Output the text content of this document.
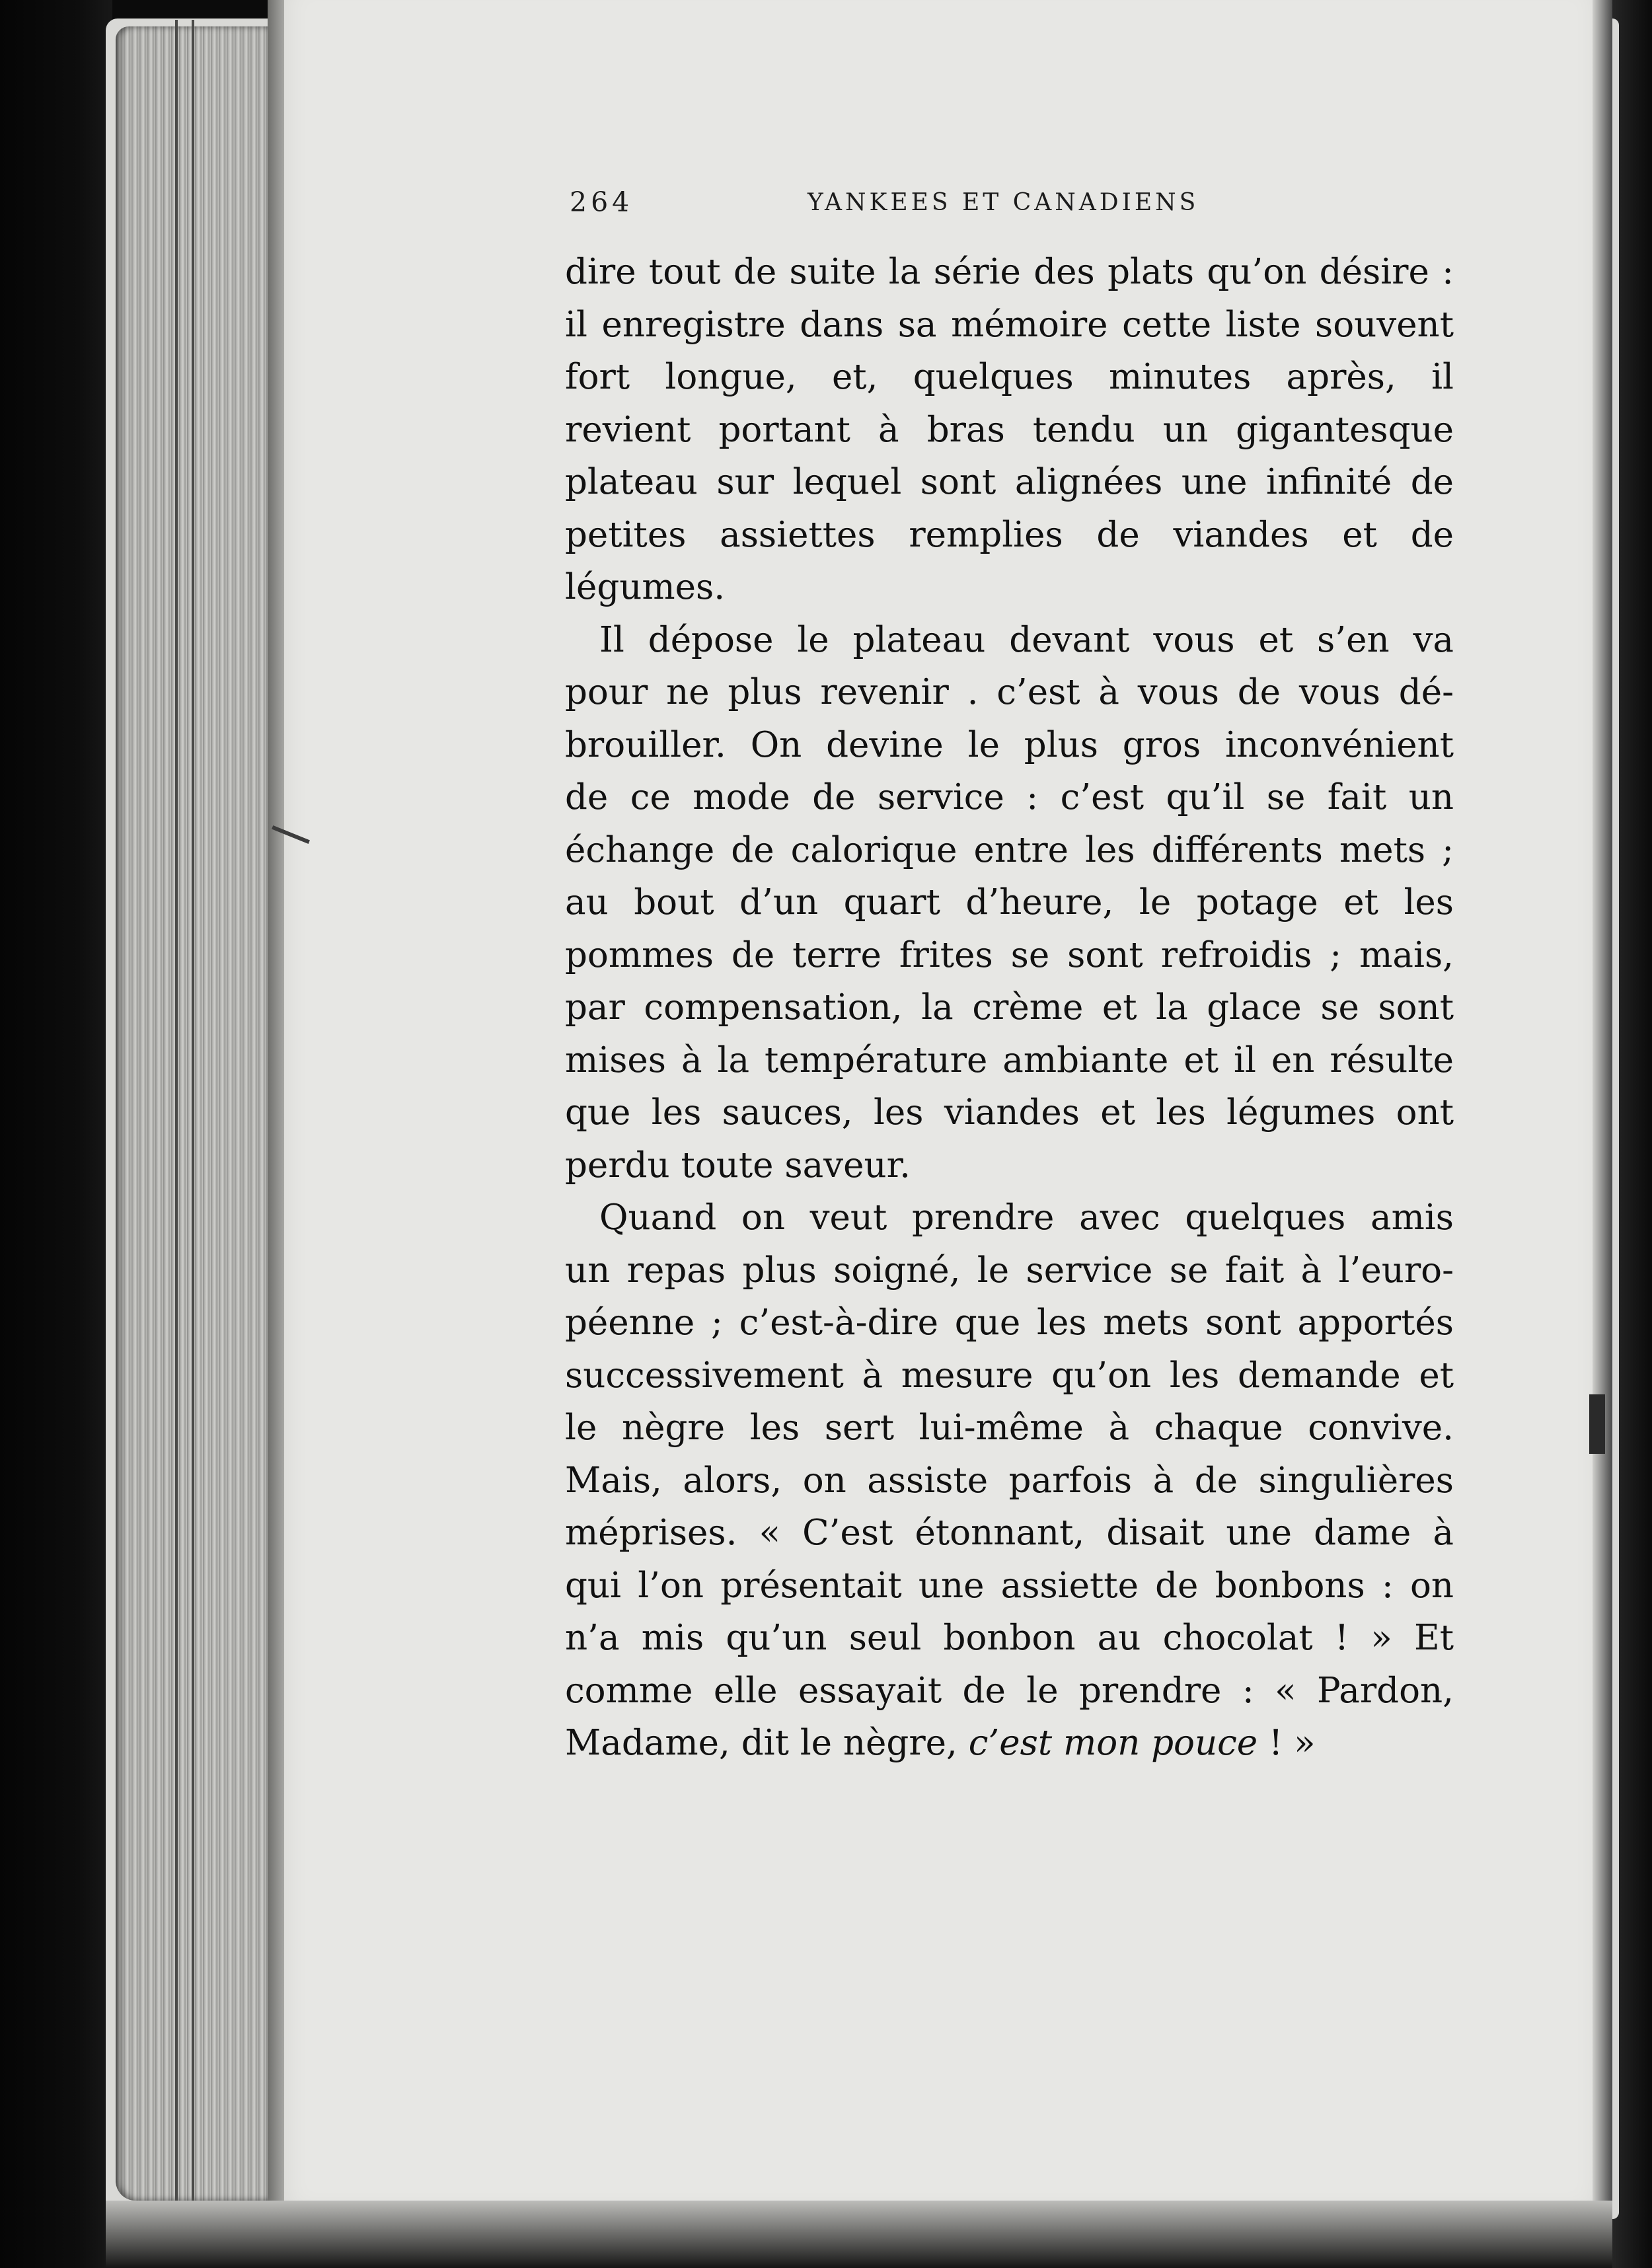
264	YANKEES ET CANADIENS

dire tout de suite la série des plats qu’on désire :
il enregistre dans sa mémoire cette liste souvent
fort longue, et, quelques minutes après, il
revient portant à bras tendu un gigantesque
plateau sur lequel sont alignées une infinité de
petites assiettes remplies de viandes et de
légumes.

Il dépose le plateau devant vous et s’en va
pour ne plus revenir . c’est à vous de vous dé-
brouiller. On devine le plus gros inconvénient
de ce mode de service : c’est qu’il se fait un
échange de calorique entre les différents mets ;
au bout d’un quart d’heure, le potage et les
pommes de terre frites se sont refroidis ; mais,
par compensation, la crème et la glace se sont
mises à la température ambiante et il en résulte
que les sauces, les viandes et les légumes ont
perdu toute saveur.

Quand on veut prendre avec quelques amis
un repas plus soigné, le service se fait à l’euro-
péenne ; c’est-à-dire que les mets sont apportés
successivement à mesure qu’on les demande et
le nègre les sert lui-même à chaque convive.
Mais, alors, on assiste parfois à de singulières
méprises. « C’est étonnant, disait une dame à
qui l’on présentait une assiette de bonbons : on
n’a mis qu’un seul bonbon au chocolat ! » Et
comme elle essayait de le prendre : « Pardon,
Madame, dit le nègre, c’est mon pouce ! »
